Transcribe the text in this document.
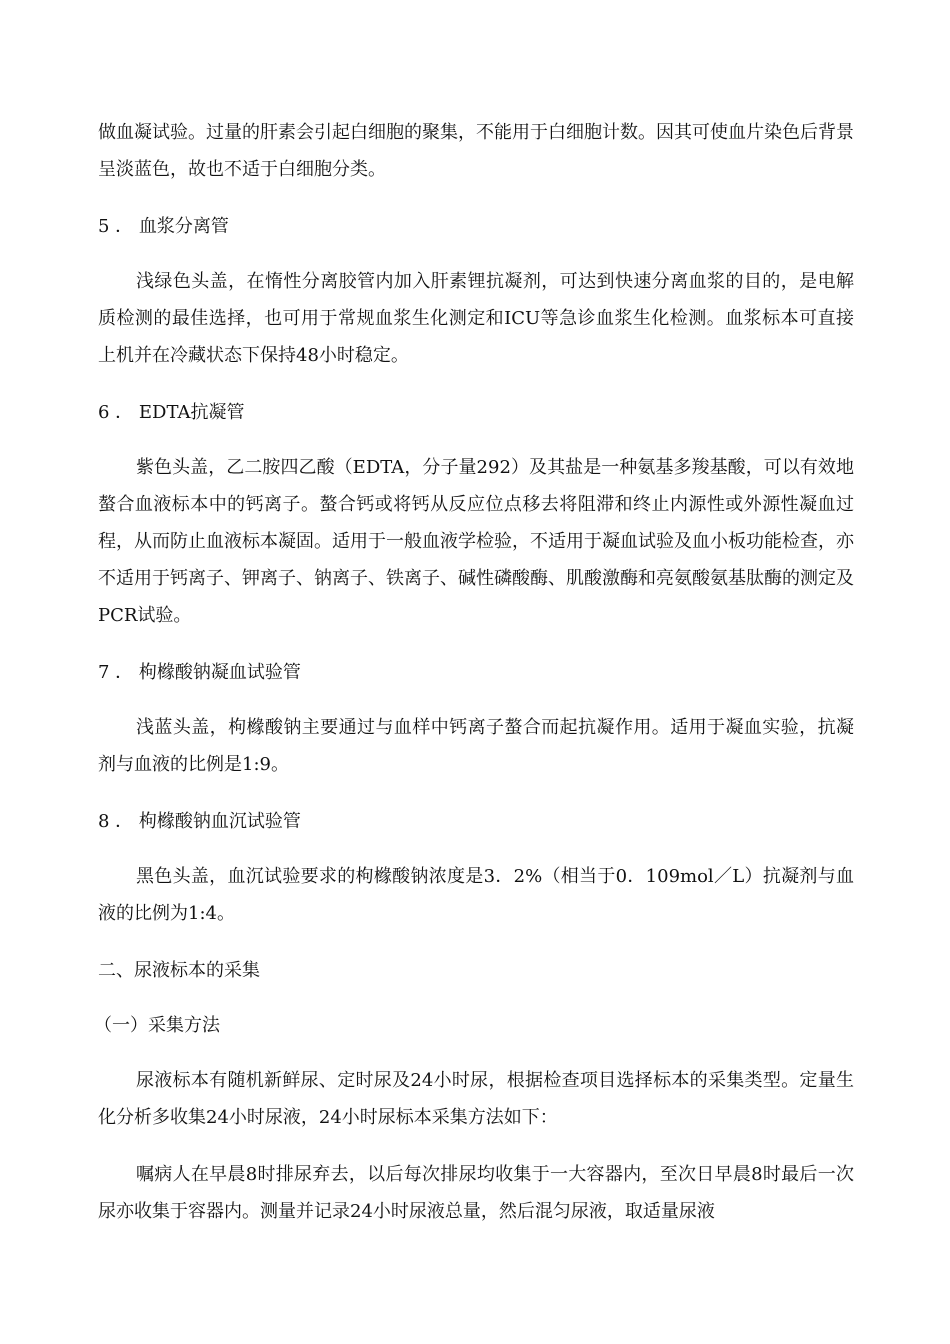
做血凝试验。过量的肝素会引起白细胞的聚集，不能用于白细胞计数。因其可使血片染色后背景呈淡蓝色，故也不适于白细胞分类。

5 ． 血浆分离管

浅绿色头盖，在惰性分离胶管内加入肝素锂抗凝剂，可达到快速分离血浆的目的，是电解质检测的最佳选择，也可用于常规血浆生化测定和ICU等急诊血浆生化检测。血浆标本可直接上机并在冷藏状态下保持48小时稳定。

6 ． EDTA抗凝管

紫色头盖，乙二胺四乙酸（EDTA，分子量292）及其盐是一种氨基多羧基酸，可以有效地螯合血液标本中的钙离子。螯合钙或将钙从反应位点移去将阻滞和终止内源性或外源性凝血过程，从而防止血液标本凝固。适用于一般血液学检验，不适用于凝血试验及血小板功能检查，亦不适用于钙离子、钾离子、钠离子、铁离子、碱性磷酸酶、肌酸激酶和亮氨酸氨基肽酶的测定及PCR试验。

7 ． 枸橼酸钠凝血试验管

浅蓝头盖，枸橼酸钠主要通过与血样中钙离子螯合而起抗凝作用。适用于凝血实验，抗凝剂与血液的比例是1:9。

8 ． 枸橼酸钠血沉试验管

黑色头盖，血沉试验要求的枸橼酸钠浓度是3．2%（相当于0．109mol／L）抗凝剂与血液的比例为1:4。

二、尿液标本的采集

（一）采集方法

尿液标本有随机新鲜尿、定时尿及24小时尿，根据检查项目选择标本的采集类型。定量生化分析多收集24小时尿液，24小时尿标本采集方法如下：

嘱病人在早晨8时排尿弃去，以后每次排尿均收集于一大容器内，至次日早晨8时最后一次尿亦收集于容器内。测量并记录24小时尿液总量，然后混匀尿液，取适量尿液
